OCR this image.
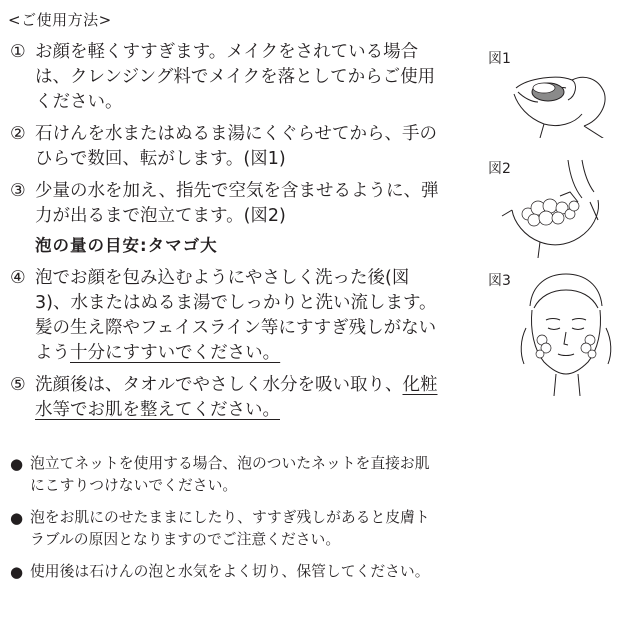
<ご使用方法>
① お顔を軽くすすぎます。メイクをされている場合は、クレンジング料でメイクを落としてからご使用ください。
② 石けんを水またはぬるま湯にくぐらせてから、手のひらで数回、転がします。(図1)
③ 少量の水を加え、指先で空気を含ませるように、弾力が出るまで泡立てます。(図2)
泡の量の目安:タマゴ大
④ 泡でお顔を包み込むようにやさしく洗った後(図3)、水またはぬるま湯でしっかりと洗い流します。髪の生え際やフェイスライン等にすすぎ残しがないよう十分にすすいでください。
⑤ 洗顔後は、タオルでやさしく水分を吸い取り、化粧水等でお肌を整えてください。
● 泡立てネットを使用する場合、泡のついたネットを直接お肌にこすりつけないでください。
● 泡をお肌にのせたままにしたり、すすぎ残しがあると皮膚トラブルの原因となりますのでご注意ください。
● 使用後は石けんの泡と水気をよく切り、保管してください。
図1
図2
図3
